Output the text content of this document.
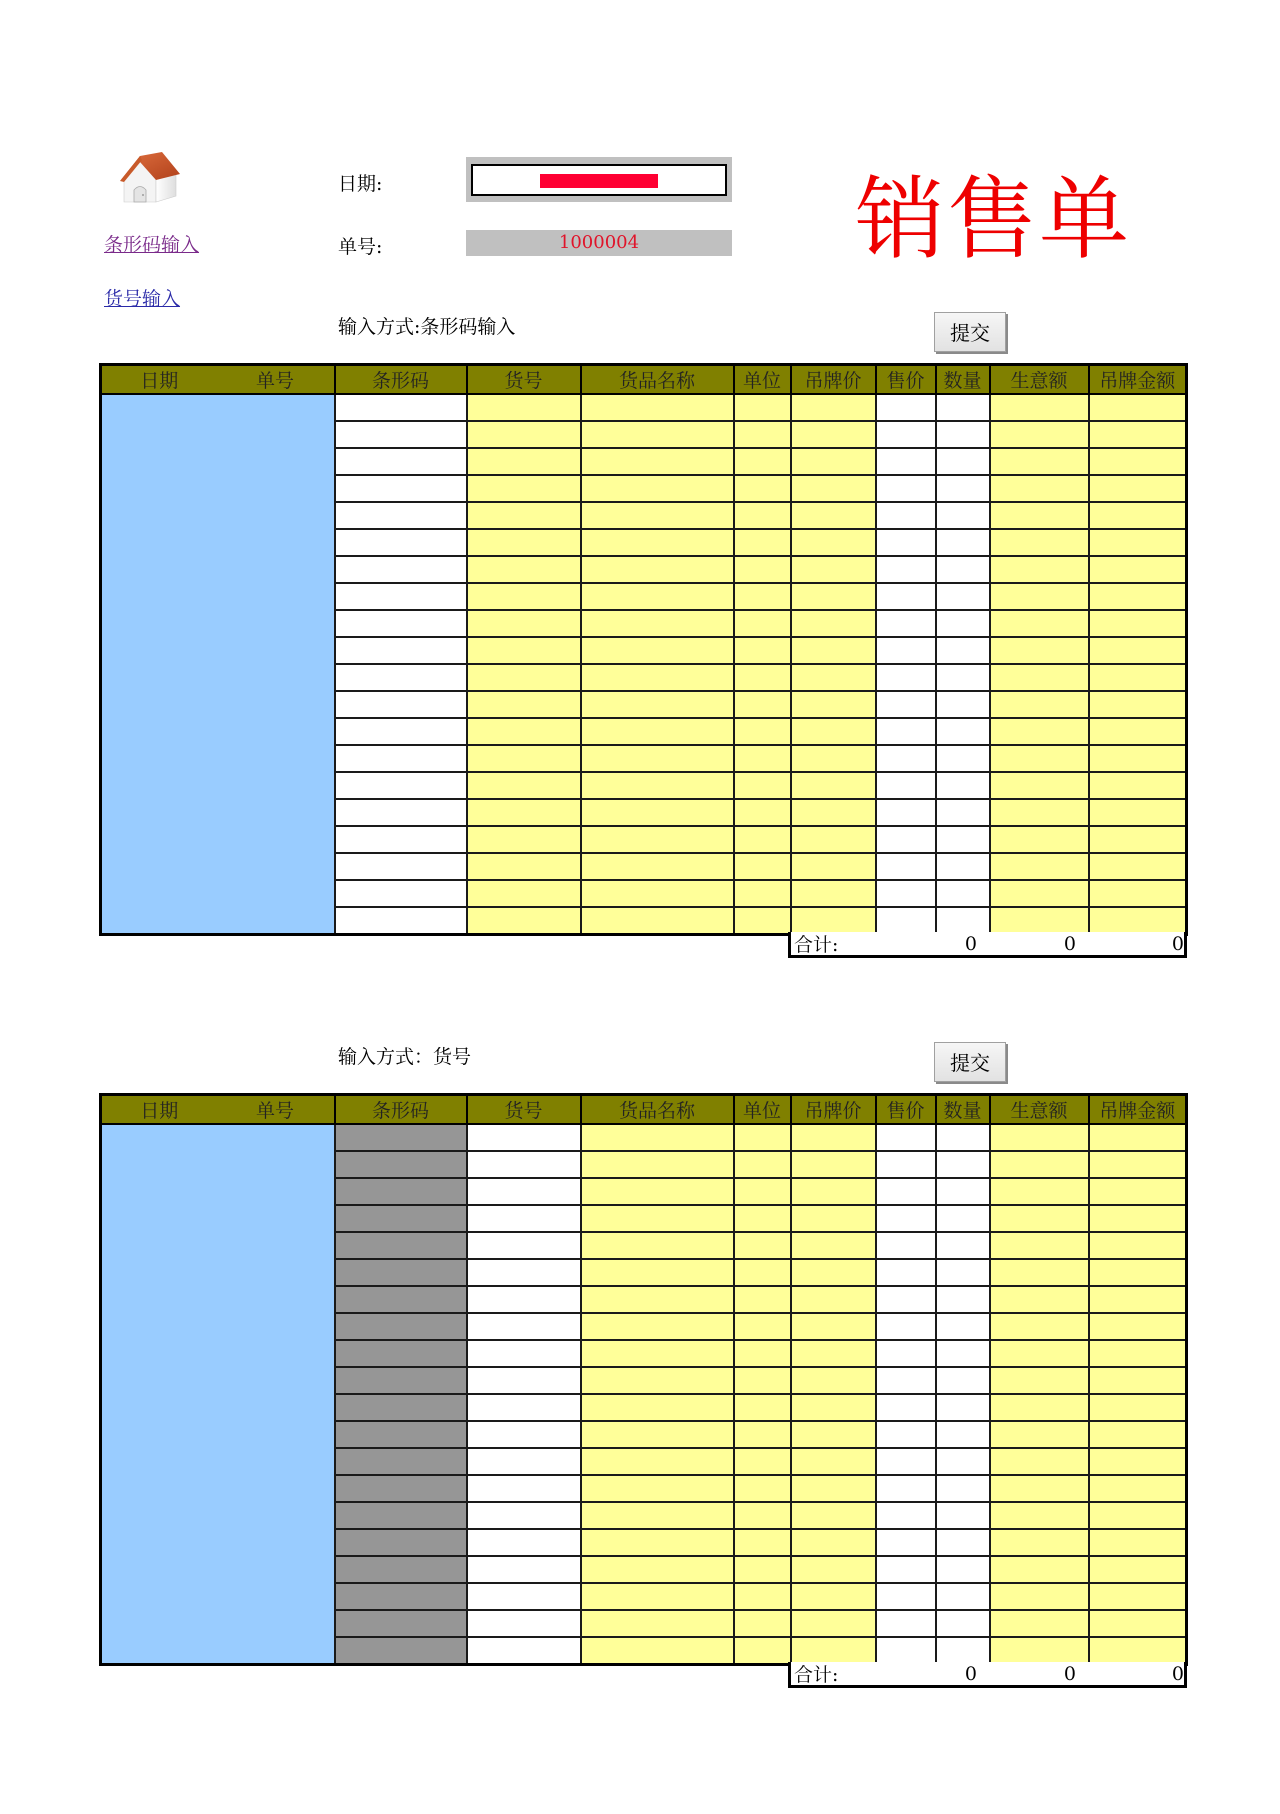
条形码输入
货号输入
日期:
单号:	1000004	销售单
输入方式:条形码输入	提交
日期	单号	条形码	货号	货品名称	单位	吊牌价	售价	数量	生意额	吊牌金额

合计:	0	0	0
输入方式：货号	提交
日期	单号	条形码	货号	货品名称	单位	吊牌价	售价	数量	生意额	吊牌金额

合计:	0	0	0
